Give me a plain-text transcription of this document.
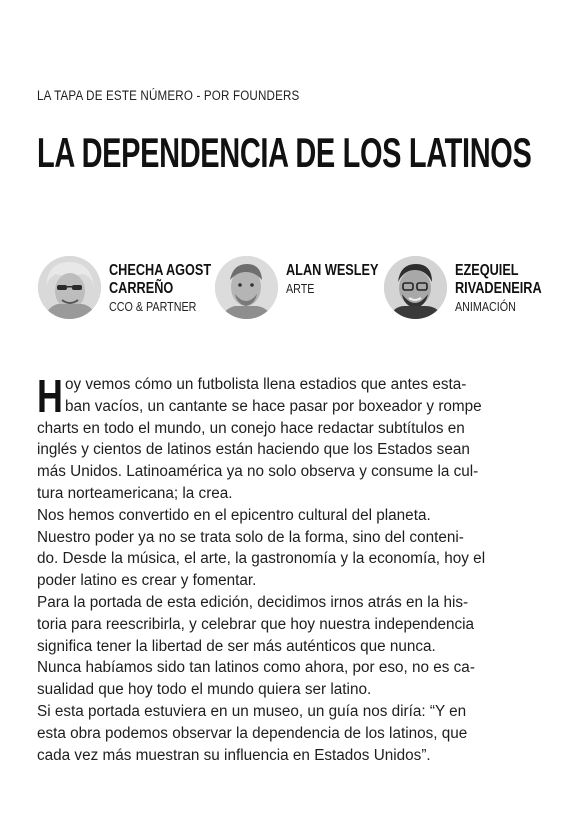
LA TAPA DE ESTE NÚMERO - POR FOUNDERS
LA DEPENDENCIA DE LOS LATINOS
CHECHA AGOST
CARREÑO
CCO & PARTNER
ALAN WESLEY
ARTE
EZEQUIEL
RIVADENEIRA
ANIMACIÓN
H oy vemos cómo un futbolista llena estadios que antes esta-
ban vacíos, un cantante se hace pasar por boxeador y rompe
charts en todo el mundo, un conejo hace redactar subtítulos en
inglés y cientos de latinos están haciendo que los Estados sean
más Unidos. Latinoamérica ya no solo observa y consume la cul-
tura norteamericana; la crea.
Nos hemos convertido en el epicentro cultural del planeta.
Nuestro poder ya no se trata solo de la forma, sino del conteni-
do. Desde la música, el arte, la gastronomía y la economía, hoy el
poder latino es crear y fomentar.
Para la portada de esta edición, decidimos irnos atrás en la his-
toria para reescribirla, y celebrar que hoy nuestra independencia
significa tener la libertad de ser más auténticos que nunca.
Nunca habíamos sido tan latinos como ahora, por eso, no es ca-
sualidad que hoy todo el mundo quiera ser latino.
Si esta portada estuviera en un museo, un guía nos diría: “Y en
esta obra podemos observar la dependencia de los latinos, que
cada vez más muestran su influencia en Estados Unidos”.
